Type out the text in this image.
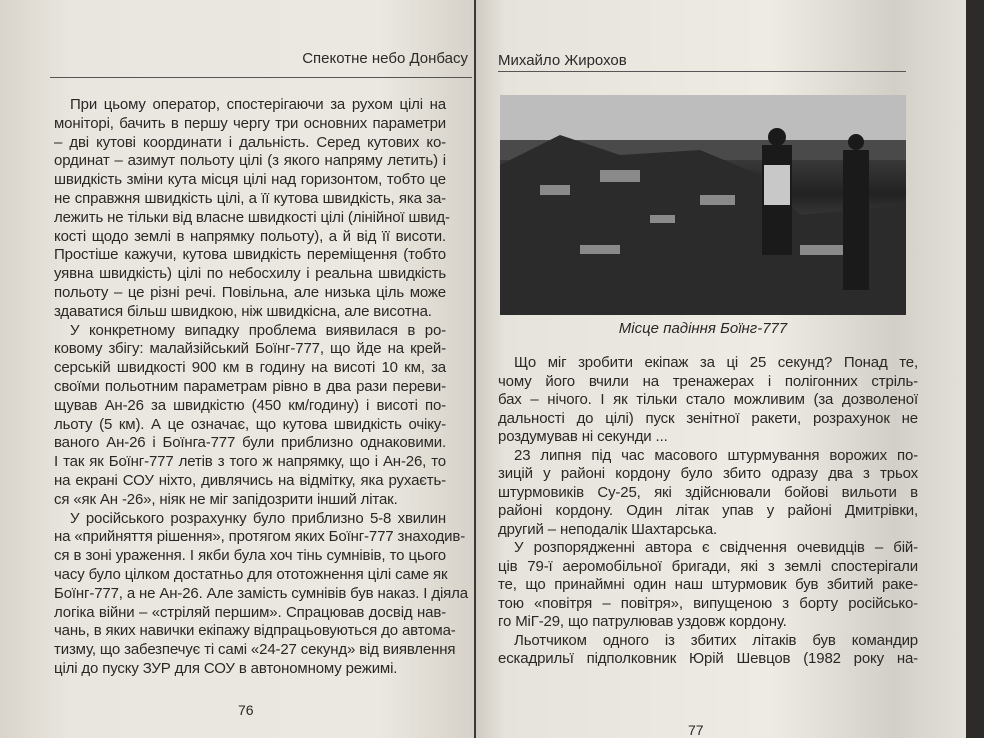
Спекотне небо Донбасу
При цьому оператор, спостерігаючи за рухом цілі на
моніторі, бачить в першу чергу три основних параметри
– дві кутові координати і дальність. Серед кутових ко-
ординат – азимут польоту цілі (з якого напряму летить) і
швидкість зміни кута місця цілі над горизонтом, тобто це
не справжня швидкість цілі, а її кутова швидкість, яка за-
лежить не тільки від власне швидкості цілі (лінійної швид-
кості щодо землі в напрямку польоту), а й від її висоти.
Простіше кажучи, кутова швидкість переміщення (тобто
уявна швидкість) цілі по небосхилу і реальна швидкість
польоту – це різні речі. Повільна, але низька ціль може
здаватися більш швидкою, ніж швидкісна, але висотна.
У конкретному випадку проблема виявилася в ро-
ковому збігу: малайзійський Боїнг-777, що йде на крей-
серській швидкості 900 км в годину на висоті 10 км, за
своїми польотним параметрам рівно в два рази переви-
щував Ан-26 за швидкістю (450 км/годину) і висоті по-
льоту (5 км). А це означає, що кутова швидкість очіку-
ваного Ан-26 і Боїнга-777 були приблизно однаковими.
І так як Боїнг-777 летів з того ж напрямку, що і Ан-26, то
на екрані СОУ ніхто, дивлячись на відмітку, яка рухаєть-
ся «як Ан -26», ніяк не міг запідозрити інший літак.
У російського розрахунку було приблизно 5-8 хвилин
на «прийняття рішення», протягом яких Боїнг-777 знаходив-
ся в зоні ураження. І якби була хоч тінь сумнівів, то цього
часу було цілком достатньо для ототожнення цілі саме як
Боїнг-777, а не Ан-26. Але замість сумнівів був наказ. І діяла
логіка війни – «стріляй першим». Спрацював досвід нав-
чань, в яких навички екіпажу відпрацьовуються до автома-
тизму, що забезпечує ті самі «24-27 секунд» від виявлення
цілі до пуску ЗУР для СОУ в автономному режимі.
76
Михайло Жирохов
Місце падіння Боїнг-777
Що міг зробити екіпаж за ці 25 секунд? Понад те,
чому його вчили на тренажерах і полігонних стріль-
бах – нічого. І як тільки стало можливим (за дозволеної
дальності до цілі) пуск зенітної ракети, розрахунок не
роздумував ні секунди ...
23 липня під час масового штурмування ворожих по-
зицій у районі кордону було збито одразу два з трьох
штурмовиків Су-25, які здійснювали бойові вильоти в
районі кордону. Один літак упав у районі Дмитрівки,
другий – неподалік Шахтарська.
У розпорядженні автора є свідчення очевидців – бій-
ців 79-ї аеромобільної бригади, які з землі спостерігали
те, що принаймні один наш штурмовик був збитий раке-
тою «повітря – повітря», випущеною з борту російсько-
го МіГ-29, що патрулював уздовж кордону.
Льотчиком одного із збитих літаків був командир
ескадрильї підполковник Юрій Шевцов (1982 року на-
77
